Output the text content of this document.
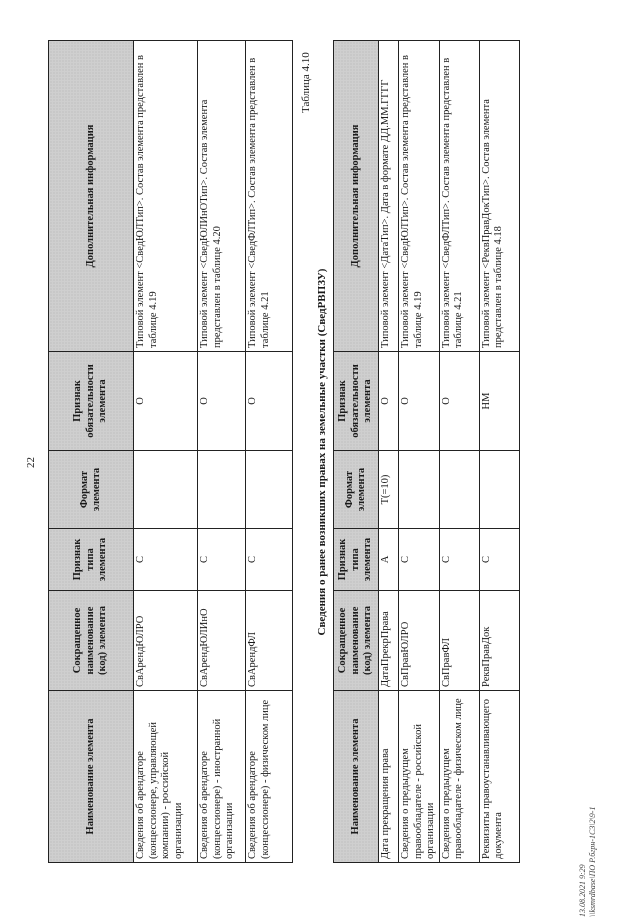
13.08.2021 9:29 \\ksmrdbase\ПО Р.бгрн-1С3\2\9-1
22
Наименование элемента	Сокращенное наименование (код) элемента	Признак типа элемента	Формат элемента	Признак обязательности элемента	Дополнительная информация
Сведения об арендаторе (концессионере, управляющей компании) - российской организации	СвАрендЮЛРО	С		О	Типовой элемент <СведЮЛТип>. Состав элемента представлен в таблице 4.19
Сведения об арендаторе (концессионере) - иностранной организации	СвАрендЮЛИнО	С		О	Типовой элемент <СведЮЛИнОТип>. Состав элемента представлен в таблице 4.20
Сведения об арендаторе (концессионере) - физическом лице	СвАрендФЛ	С		О	Типовой элемент <СведФЛТип>. Состав элемента представлен в таблице 4.21
Таблица 4.10
Сведения о ранее возникших правах на земельные участки (СведРВПЗУ)
Наименование элемента	Сокращенное наименование (код) элемента	Признак типа элемента	Формат элемента	Признак обязательности элемента	Дополнительная информация
Дата прекращения права	ДатаПрекрПрава	А	Т(=10)	О	Типовой элемент <ДатаТип>. Дата в формате ДД.ММ.ГГГГ
Сведения о предыдущем правообладателе - российской организации	СвПравЮЛРО	С		О	Типовой элемент <СведЮЛТип>. Состав элемента представлен в таблице 4.19
Сведения о предыдущем правообладателе - физическом лице	СвПравФЛ	С		О	Типовой элемент <СведФЛТип>. Состав элемента представлен в таблице 4.21
Реквизиты правоустанавливающего документа	РеквПравДок	С		НМ	Типовой элемент <РеквПравДокТип>. Состав элемента представлен в таблице 4.18
